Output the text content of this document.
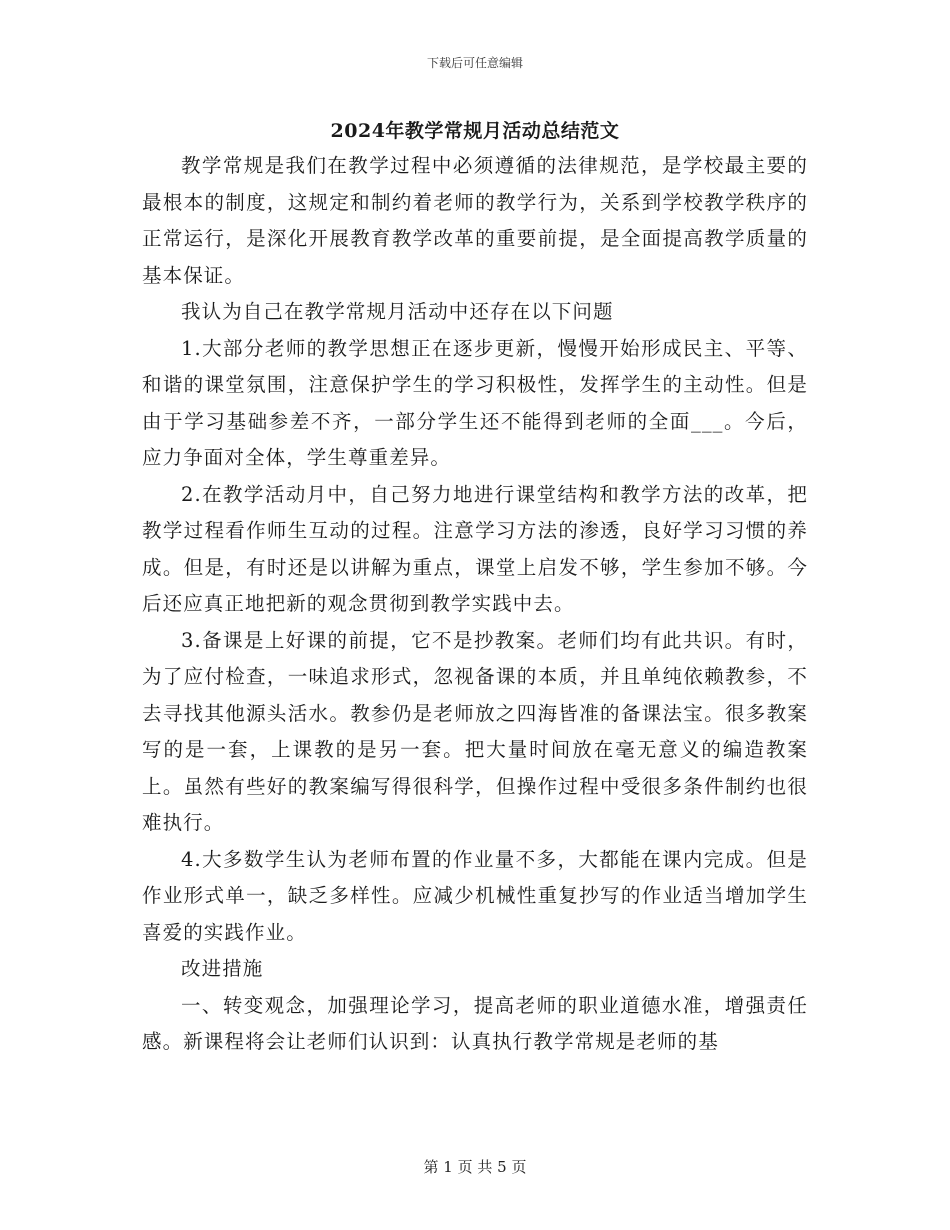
下载后可任意编辑
2024年教学常规月活动总结范文

教学常规是我们在教学过程中必须遵循的法律规范，是学校最主要的最根本的制度，这规定和制约着老师的教学行为，关系到学校教学秩序的正常运行，是深化开展教育教学改革的重要前提，是全面提高教学质量的基本保证。

我认为自己在教学常规月活动中还存在以下问题

1.大部分老师的教学思想正在逐步更新，慢慢开始形成民主、平等、和谐的课堂氛围，注意保护学生的学习积极性，发挥学生的主动性。但是由于学习基础参差不齐，一部分学生还不能得到老师的全面___。今后，应力争面对全体，学生尊重差异。

2.在教学活动月中，自己努力地进行课堂结构和教学方法的改革，把教学过程看作师生互动的过程。注意学习方法的渗透，良好学习习惯的养成。但是，有时还是以讲解为重点，课堂上启发不够，学生参加不够。今后还应真正地把新的观念贯彻到教学实践中去。

3.备课是上好课的前提，它不是抄教案。老师们均有此共识。有时，为了应付检查，一味追求形式，忽视备课的本质，并且单纯依赖教参，不去寻找其他源头活水。教参仍是老师放之四海皆准的备课法宝。很多教案写的是一套，上课教的是另一套。把大量时间放在毫无意义的编造教案上。虽然有些好的教案编写得很科学，但操作过程中受很多条件制约也很难执行。

4.大多数学生认为老师布置的作业量不多，大都能在课内完成。但是作业形式单一，缺乏多样性。应减少机械性重复抄写的作业适当增加学生喜爱的实践作业。

改进措施

一、转变观念，加强理论学习，提高老师的职业道德水准，增强责任感。新课程将会让老师们认识到：认真执行教学常规是老师的基

第 1 页 共 5 页
